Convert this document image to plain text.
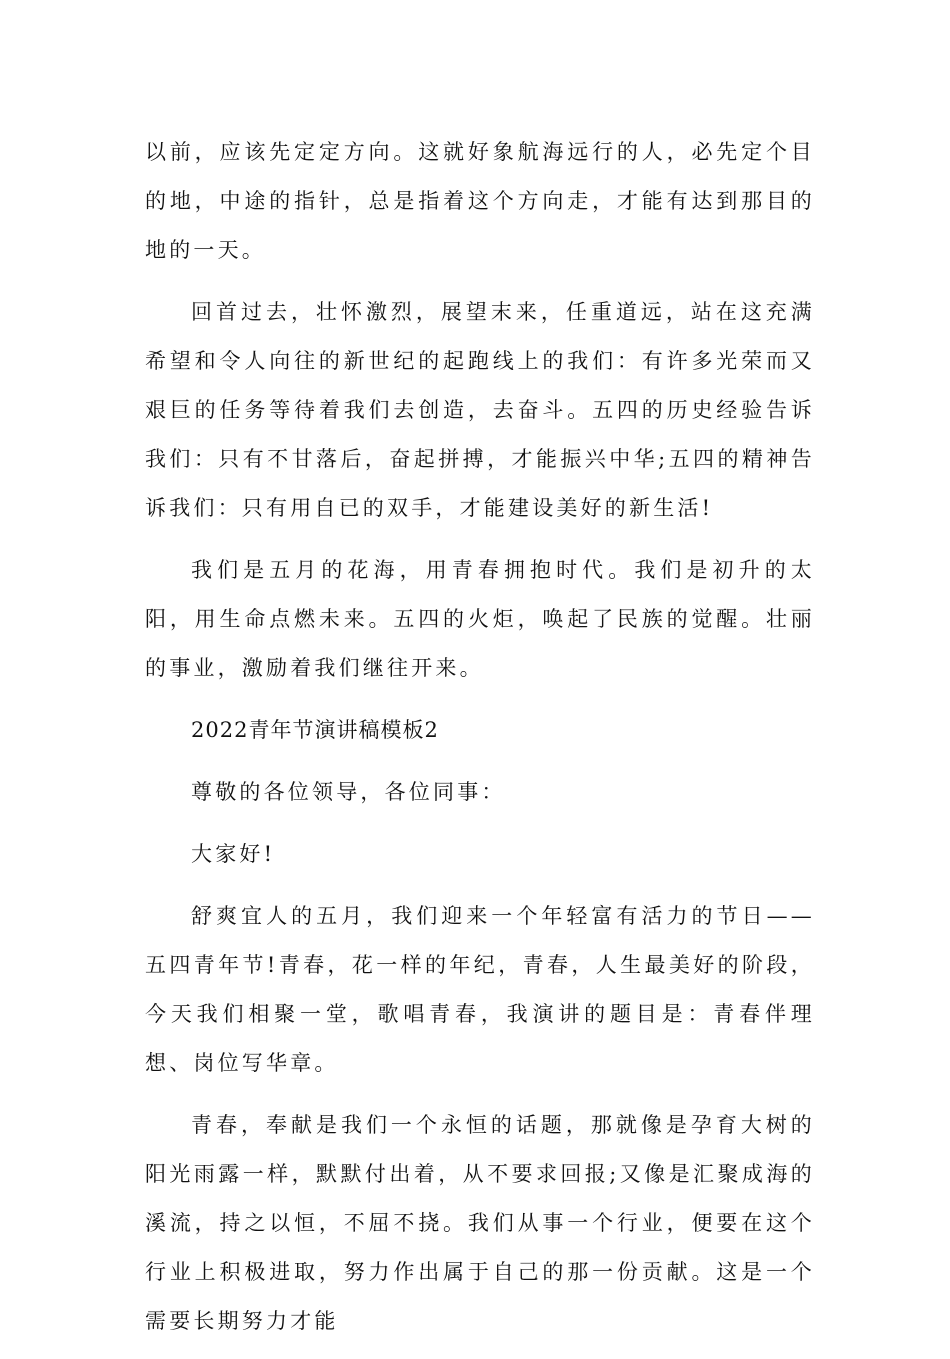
以前，应该先定定方向。这就好象航海远行的人，必先定个目的地，中途的指针，总是指着这个方向走，才能有达到那目的地的一天。

回首过去，壮怀激烈，展望末来，任重道远，站在这充满希望和令人向往的新世纪的起跑线上的我们：有许多光荣而又艰巨的任务等待着我们去创造，去奋斗。五四的历史经验告诉我们：只有不甘落后，奋起拼搏，才能振兴中华;五四的精神告诉我们：只有用自已的双手，才能建设美好的新生活!

我们是五月的花海，用青春拥抱时代。我们是初升的太阳，用生命点燃未来。五四的火炬，唤起了民族的觉醒。壮丽的事业，激励着我们继往开来。

2022青年节演讲稿模板2

尊敬的各位领导，各位同事：

大家好!

舒爽宜人的五月，我们迎来一个年轻富有活力的节日——五四青年节!青春，花一样的年纪，青春，人生最美好的阶段，今天我们相聚一堂，歌唱青春，我演讲的题目是：青春伴理想、岗位写华章。

青春，奉献是我们一个永恒的话题，那就像是孕育大树的阳光雨露一样，默默付出着，从不要求回报;又像是汇聚成海的溪流，持之以恒，不屈不挠。我们从事一个行业，便要在这个行业上积极进取，努力作出属于自己的那一份贡献。这是一个需要长期努力才能
